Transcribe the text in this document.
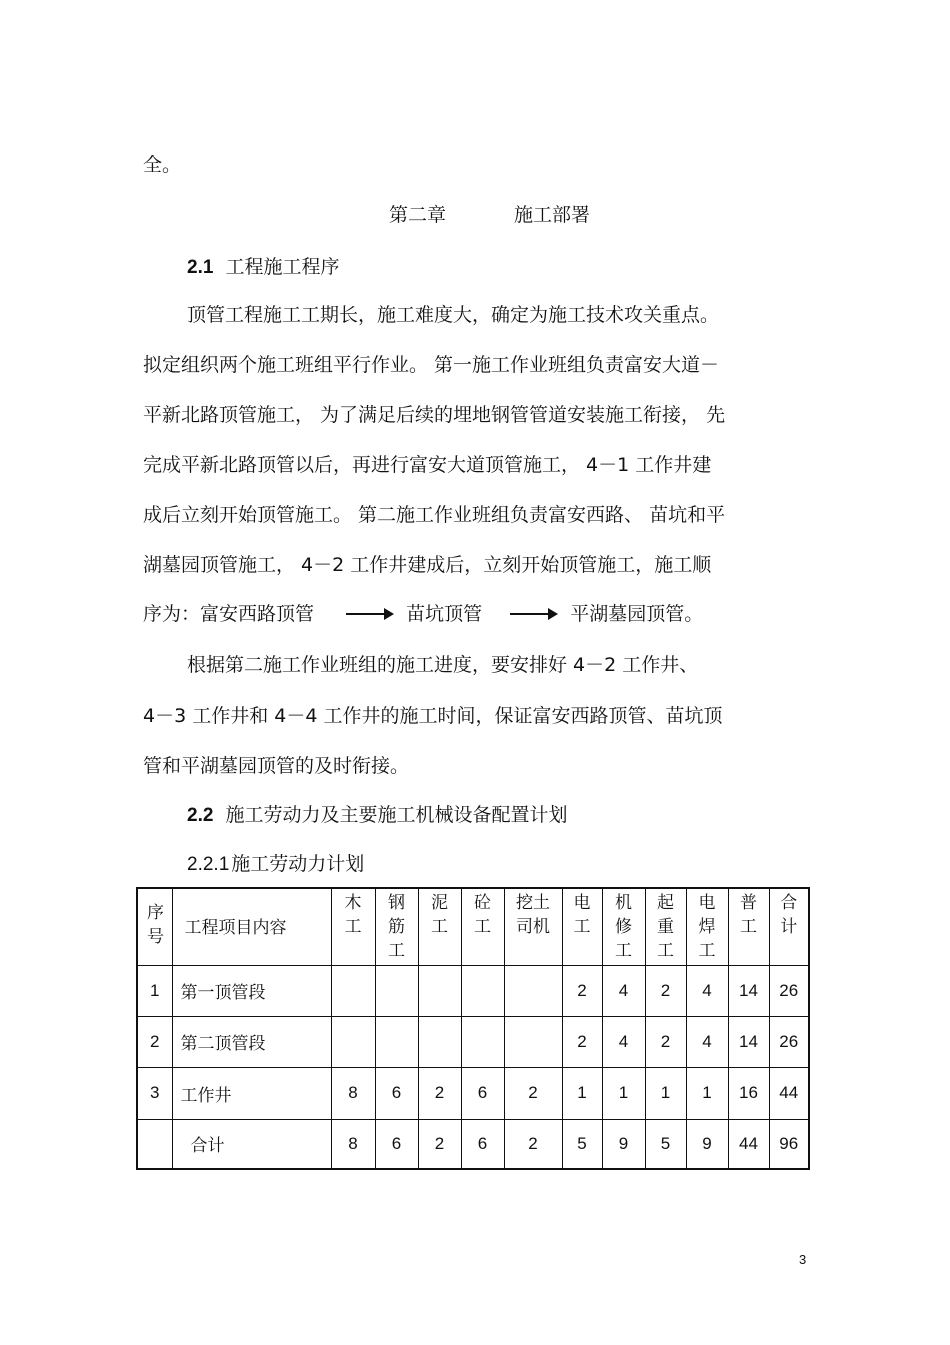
全。
第二章	施工部署
2.1 工程施工程序
顶管工程施工工期长，施工难度大，确定为施工技术攻关重点。
拟定组织两个施工班组平行作业。 第一施工作业班组负责富安大道－
平新北路顶管施工， 为了满足后续的埋地钢管管道安装施工衔接， 先
完成平新北路顶管以后，再进行富安大道顶管施工， 4－1 工作井建
成后立刻开始顶管施工。 第二施工作业班组负责富安西路、 苗坑和平
湖墓园顶管施工， 4－2 工作井建成后，立刻开始顶管施工，施工顺
序为：富安西路顶管	苗坑顶管	平湖墓园顶管。
根据第二施工作业班组的施工进度，要安排好 4－2 工作井、
4－3 工作井和 4－4 工作井的施工时间，保证富安西路顶管、苗坑顶
管和平湖墓园顶管的及时衔接。
2.2 施工劳动力及主要施工机械设备配置计划
2.2.1 施工劳动力计划
序号	工程项目内容	木工	钢筋工	泥工	砼工	挖土司机	电工	机修工	起重工	电焊工	普工	合计
1	第一顶管段						2	4	2	4	14	26
2	第二顶管段						2	4	2	4	14	26
3	工作井	8	6	2	6	2	1	1	1	1	16	44
	合计	8	6	2	6	2	5	9	5	9	44	96
3
